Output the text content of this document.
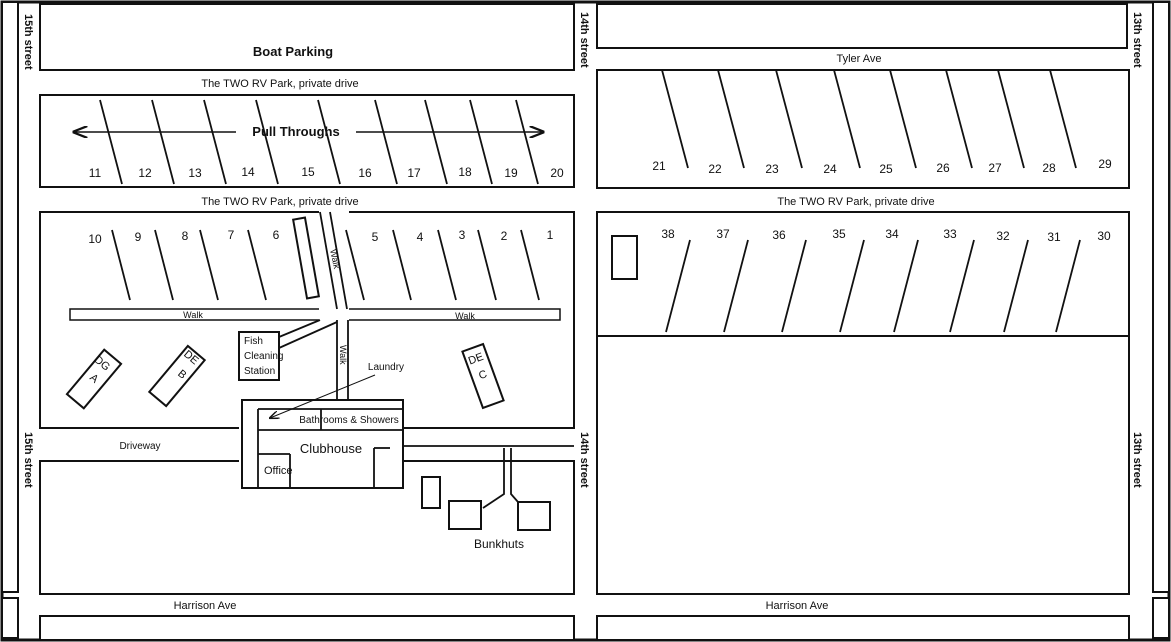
Boat Parking
The TWO RV Park, private drive
The TWO RV Park, private drive	The TWO RV Park, private drive
Tyler Ave
Harrison Ave	Harrison Ave
15th street
15th street
14th street
14th street
13th street
13th street
Pull Throughs
Walk	Walk
Walk
Walk
Fish
Cleaning
Station	Laundry
Bathrooms & Showers
Clubhouse
Office
Driveway
Bunkhuts
DG
A
DE
B
DE
C
11	12	13	14	15	16	17	18	19	20
10	9	8	7	6	5	4	3	2	1
21	22	23	24	25	26	27	28	29
38	37	36	35	34	33	32	31	30
